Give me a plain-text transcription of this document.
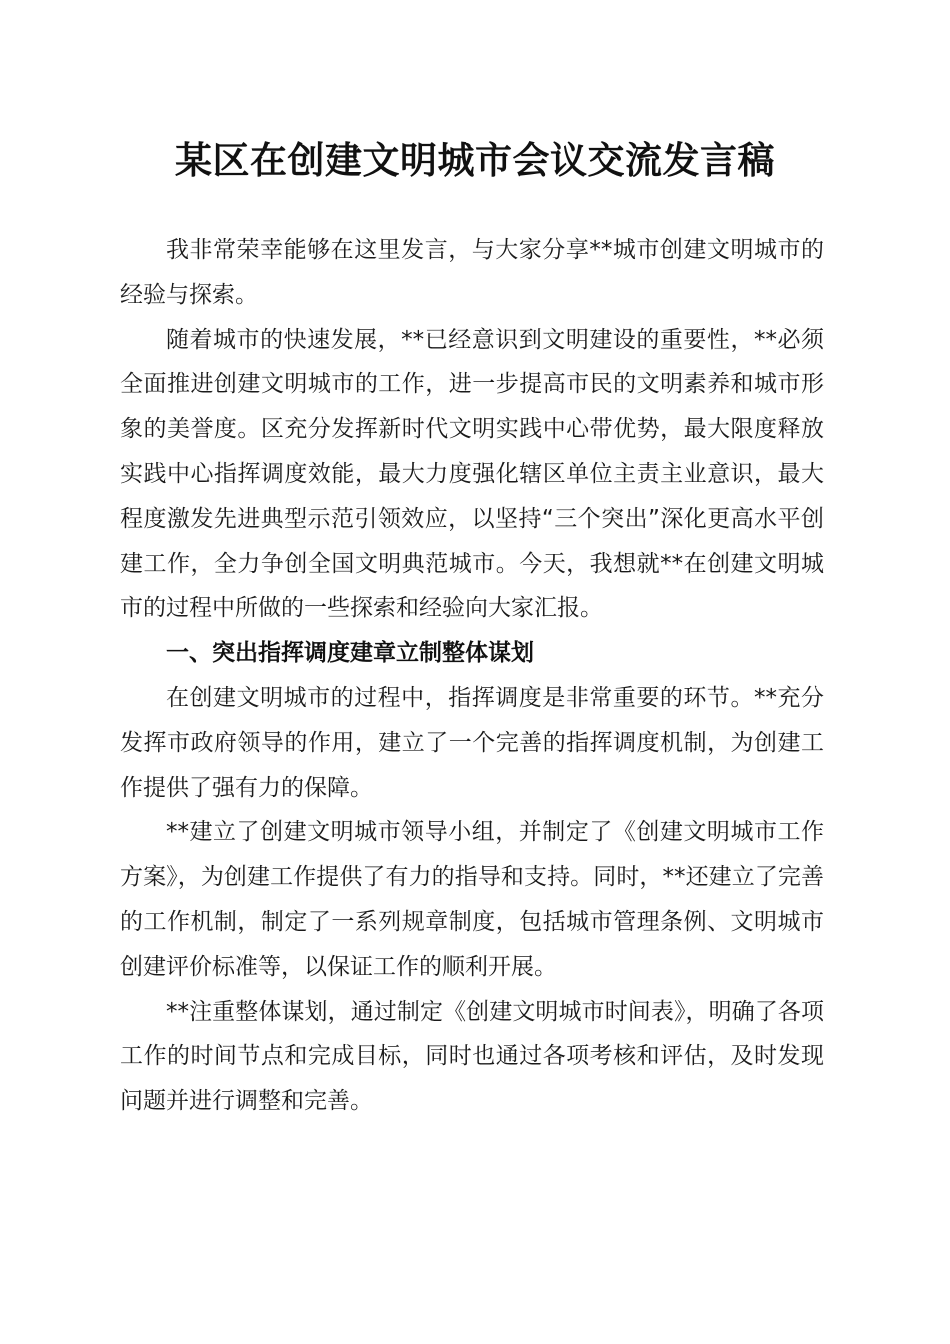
某区在创建文明城市会议交流发言稿

我非常荣幸能够在这里发言，与大家分享**城市创建文明城市的经验与探索。

随着城市的快速发展，**已经意识到文明建设的重要性，**必须全面推进创建文明城市的工作，进一步提高市民的文明素养和城市形象的美誉度。区充分发挥新时代文明实践中心带优势，最大限度释放实践中心指挥调度效能，最大力度强化辖区单位主责主业意识，最大程度激发先进典型示范引领效应，以坚持“三个突出”深化更高水平创建工作，全力争创全国文明典范城市。今天，我想就**在创建文明城市的过程中所做的一些探索和经验向大家汇报。

一、突出指挥调度建章立制整体谋划

在创建文明城市的过程中，指挥调度是非常重要的环节。**充分发挥市政府领导的作用，建立了一个完善的指挥调度机制，为创建工作提供了强有力的保障。

**建立了创建文明城市领导小组，并制定了《创建文明城市工作方案》，为创建工作提供了有力的指导和支持。同时，**还建立了完善的工作机制，制定了一系列规章制度，包括城市管理条例、文明城市创建评价标准等，以保证工作的顺利开展。

**注重整体谋划，通过制定《创建文明城市时间表》，明确了各项工作的时间节点和完成目标，同时也通过各项考核和评估，及时发现问题并进行调整和完善。
